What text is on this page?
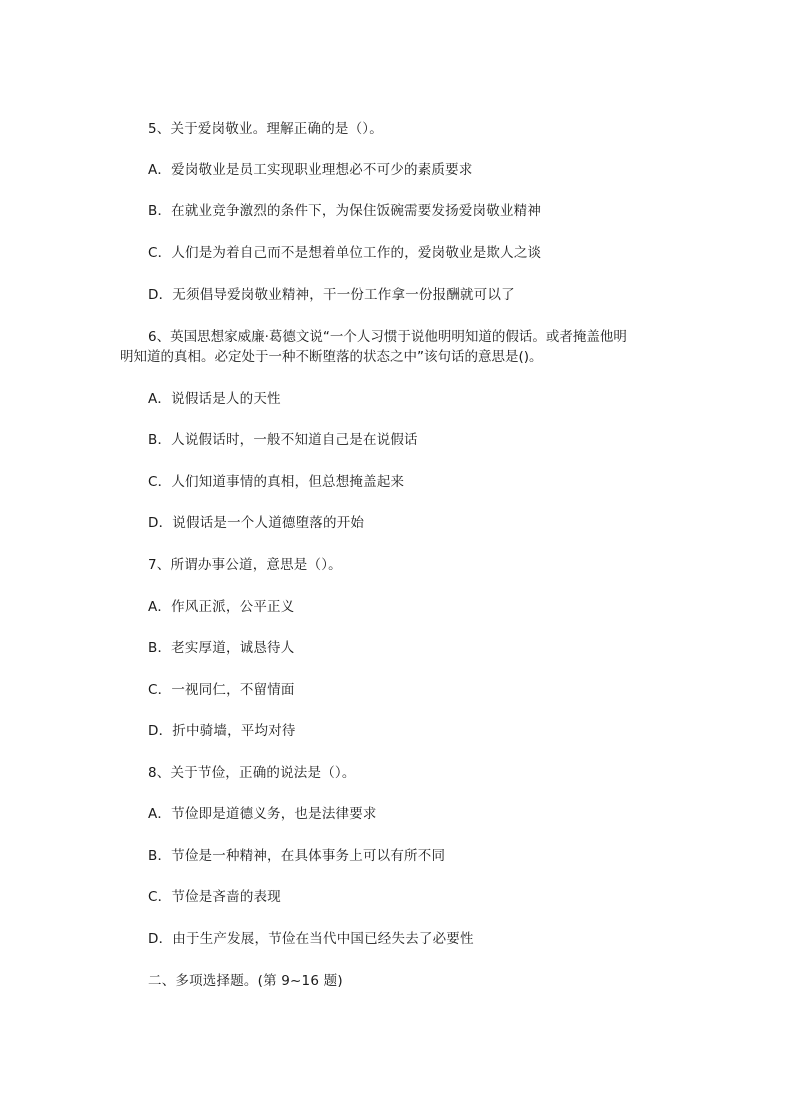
5、关于爱岗敬业。理解正确的是（）。
A．爱岗敬业是员工实现职业理想必不可少的素质要求
B．在就业竞争激烈的条件下，为保住饭碗需要发扬爱岗敬业精神
C．人们是为着自己而不是想着单位工作的，爱岗敬业是欺人之谈
D．无须倡导爱岗敬业精神，干一份工作拿一份报酬就可以了
6、英国思想家威廉·葛德文说“一个人习惯于说他明明知道的假话。或者掩盖他明
明知道的真相。必定处于一种不断堕落的状态之中”该句话的意思是()。
A．说假话是人的天性
B．人说假话时，一般不知道自己是在说假话
C．人们知道事情的真相，但总想掩盖起来
D．说假话是一个人道德堕落的开始
7、所谓办事公道，意思是（）。
A．作风正派，公平正义
B．老实厚道，诚恳待人
C．一视同仁，不留情面
D．折中骑墙，平均对待
8、关于节俭，正确的说法是（）。
A．节俭即是道德义务，也是法律要求
B．节俭是一种精神，在具体事务上可以有所不同
C．节俭是吝啬的表现
D．由于生产发展，节俭在当代中国已经失去了必要性
二、多项选择题。(第 9~16 题)
